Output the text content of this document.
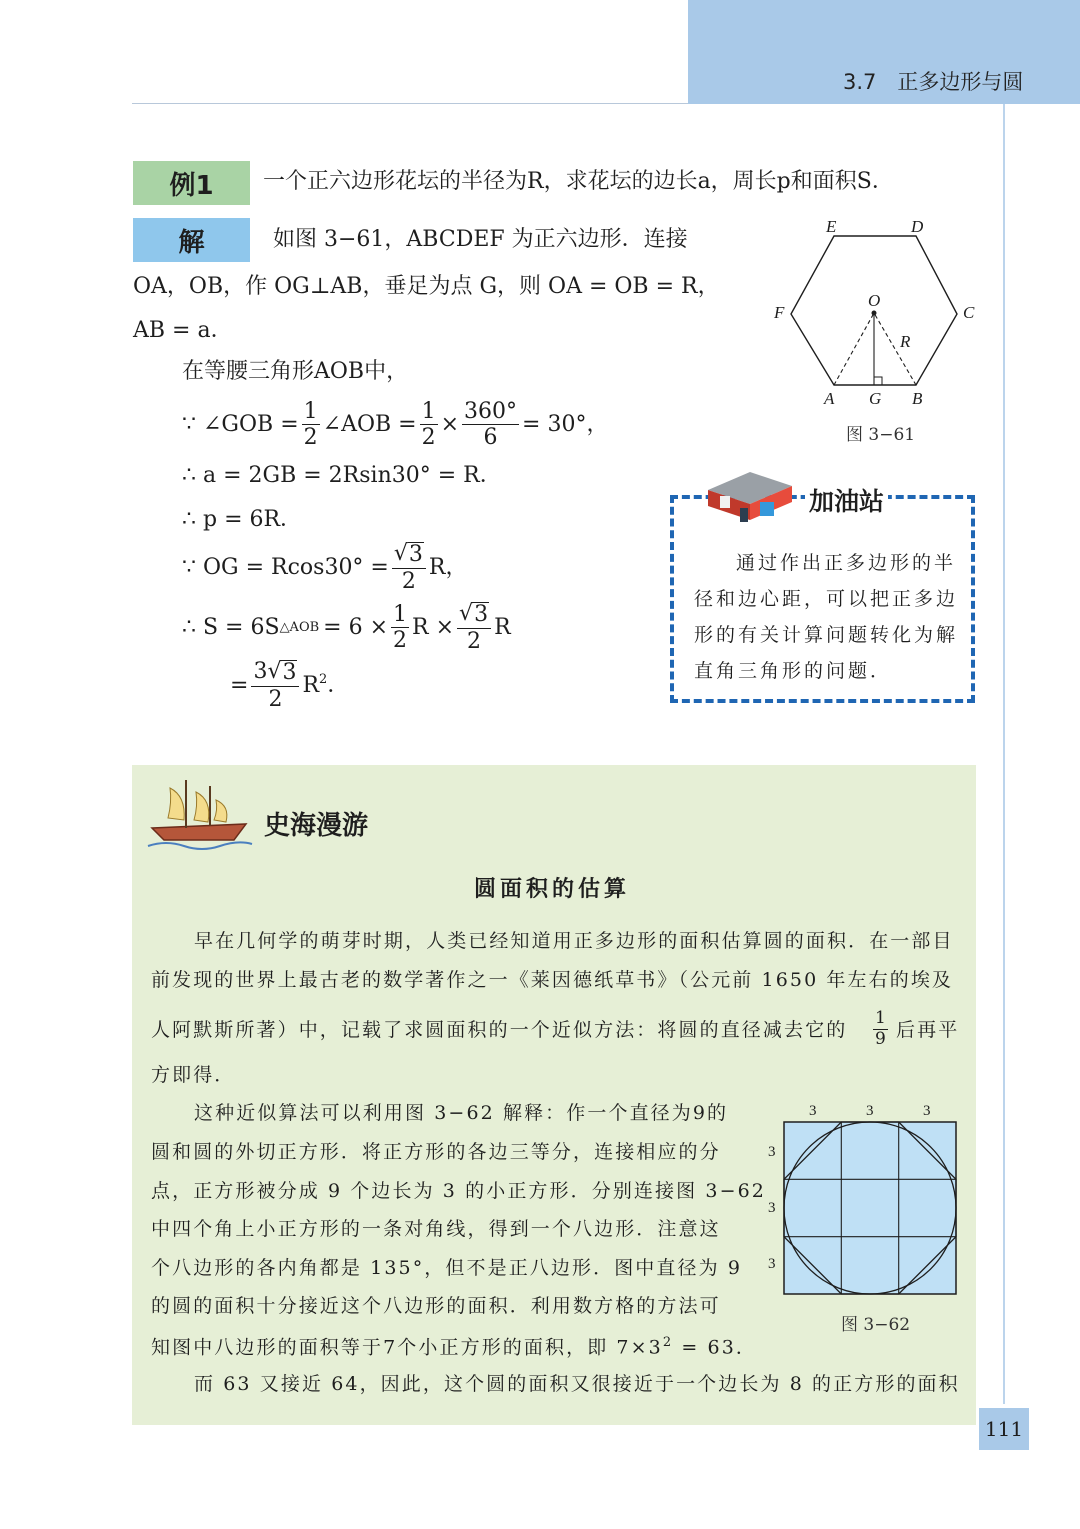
3.7　正多边形与圆
例1	一个正六边形花坛的半径为R，求花坛的边长a，周长p和面积S．
解	如图 3−61，ABCDEF 为正六边形．连接
OA，OB，作 OG⊥AB，垂足为点 G，则 OA = OB = R，
AB = a．
在等腰三角形AOB中，
∵ ∠GOB = $\frac{1}{2}$ ∠AOB = $\frac{1}{2} \times \frac{360^\circ}{6} = 30^\circ$，
∴ a = 2GB = 2Rsin30° = R．
∴ p = 6R．
∵ OG = $Rcos30^\circ = \frac{√ 3}{2}$ R，
∴ S = 6S △AOB = $6 \times \frac{1}{2}$ $R \times \frac{√ 3}{2}$ R
= $\frac{3 √ 3}{2} R^2$ ．
E	D
F	C
O
R
A G B
图 3−61
加油站
通过作出正多边形的半
径和边心距，可以把正多边
形的有关计算问题转化为解
直角三角形的问题．
史海漫游
圆面积的估算
早在几何学的萌芽时期，人类已经知道用正多边形的面积估算圆的面积．在一部目
前发现的世界上最古老的数学著作之一《莱因德纸草书》（公元前 1650 年左右的埃及
人阿默斯所著）中，记载了求圆面积的一个近似方法：将圆的直径减去它的 $\frac{1}{9}$ 后再平
方即得．
这种近似算法可以利用图 3−62 解释：作一个直径为9的
圆和圆的外切正方形．将正方形的各边三等分，连接相应的分
点，正方形被分成 9 个边长为 3 的小正方形．分别连接图 3−62
中四个角上小正方形的一条对角线，得到一个八边形．注意这
个八边形的各内角都是 135°，但不是正八边形．图中直径为 9
的圆的面积十分接近这个八边形的面积．利用数方格的方法可
知图中八边形的面积等于7个小正方形的面积，即 $7\times 3^2 = 63$．
而 63 又接近 64，因此，这个圆的面积又很接近于一个边长为 8 的正方形的面积
3	3	3
3
3
3
图 3−62
111
